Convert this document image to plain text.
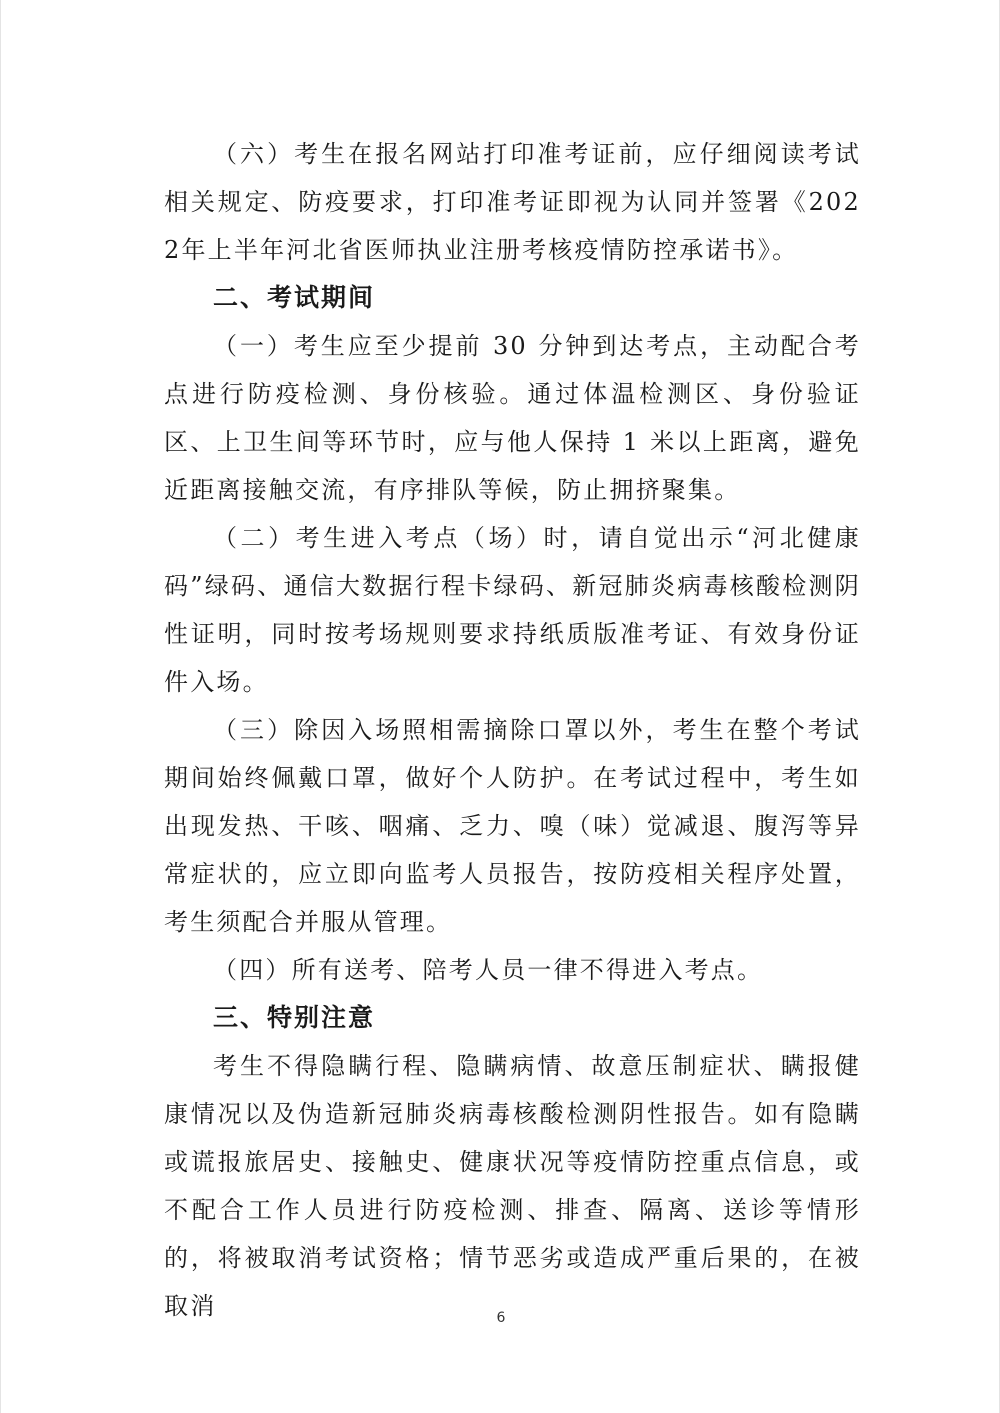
（六）考生在报名网站打印准考证前，应仔细阅读考试相关规定、防疫要求，打印准考证即视为认同并签署《2022年上半年河北省医师执业注册考核疫情防控承诺书》。

二、考试期间

（一）考生应至少提前 30 分钟到达考点，主动配合考点进行防疫检测、身份核验。通过体温检测区、身份验证区、上卫生间等环节时，应与他人保持 1 米以上距离，避免近距离接触交流，有序排队等候，防止拥挤聚集。

（二）考生进入考点（场）时，请自觉出示“河北健康码”绿码、通信大数据行程卡绿码、新冠肺炎病毒核酸检测阴性证明，同时按考场规则要求持纸质版准考证、有效身份证件入场。

（三）除因入场照相需摘除口罩以外，考生在整个考试期间始终佩戴口罩，做好个人防护。在考试过程中，考生如出现发热、干咳、咽痛、乏力、嗅（味）觉减退、腹泻等异常症状的，应立即向监考人员报告，按防疫相关程序处置，考生须配合并服从管理。

（四）所有送考、陪考人员一律不得进入考点。

三、特别注意

考生不得隐瞒行程、隐瞒病情、故意压制症状、瞒报健康情况以及伪造新冠肺炎病毒核酸检测阴性报告。如有隐瞒或谎报旅居史、接触史、健康状况等疫情防控重点信息，或不配合工作人员进行防疫检测、排查、隔离、送诊等情形的，将被取消考试资格；情节恶劣或造成严重后果的，在被取消	6
